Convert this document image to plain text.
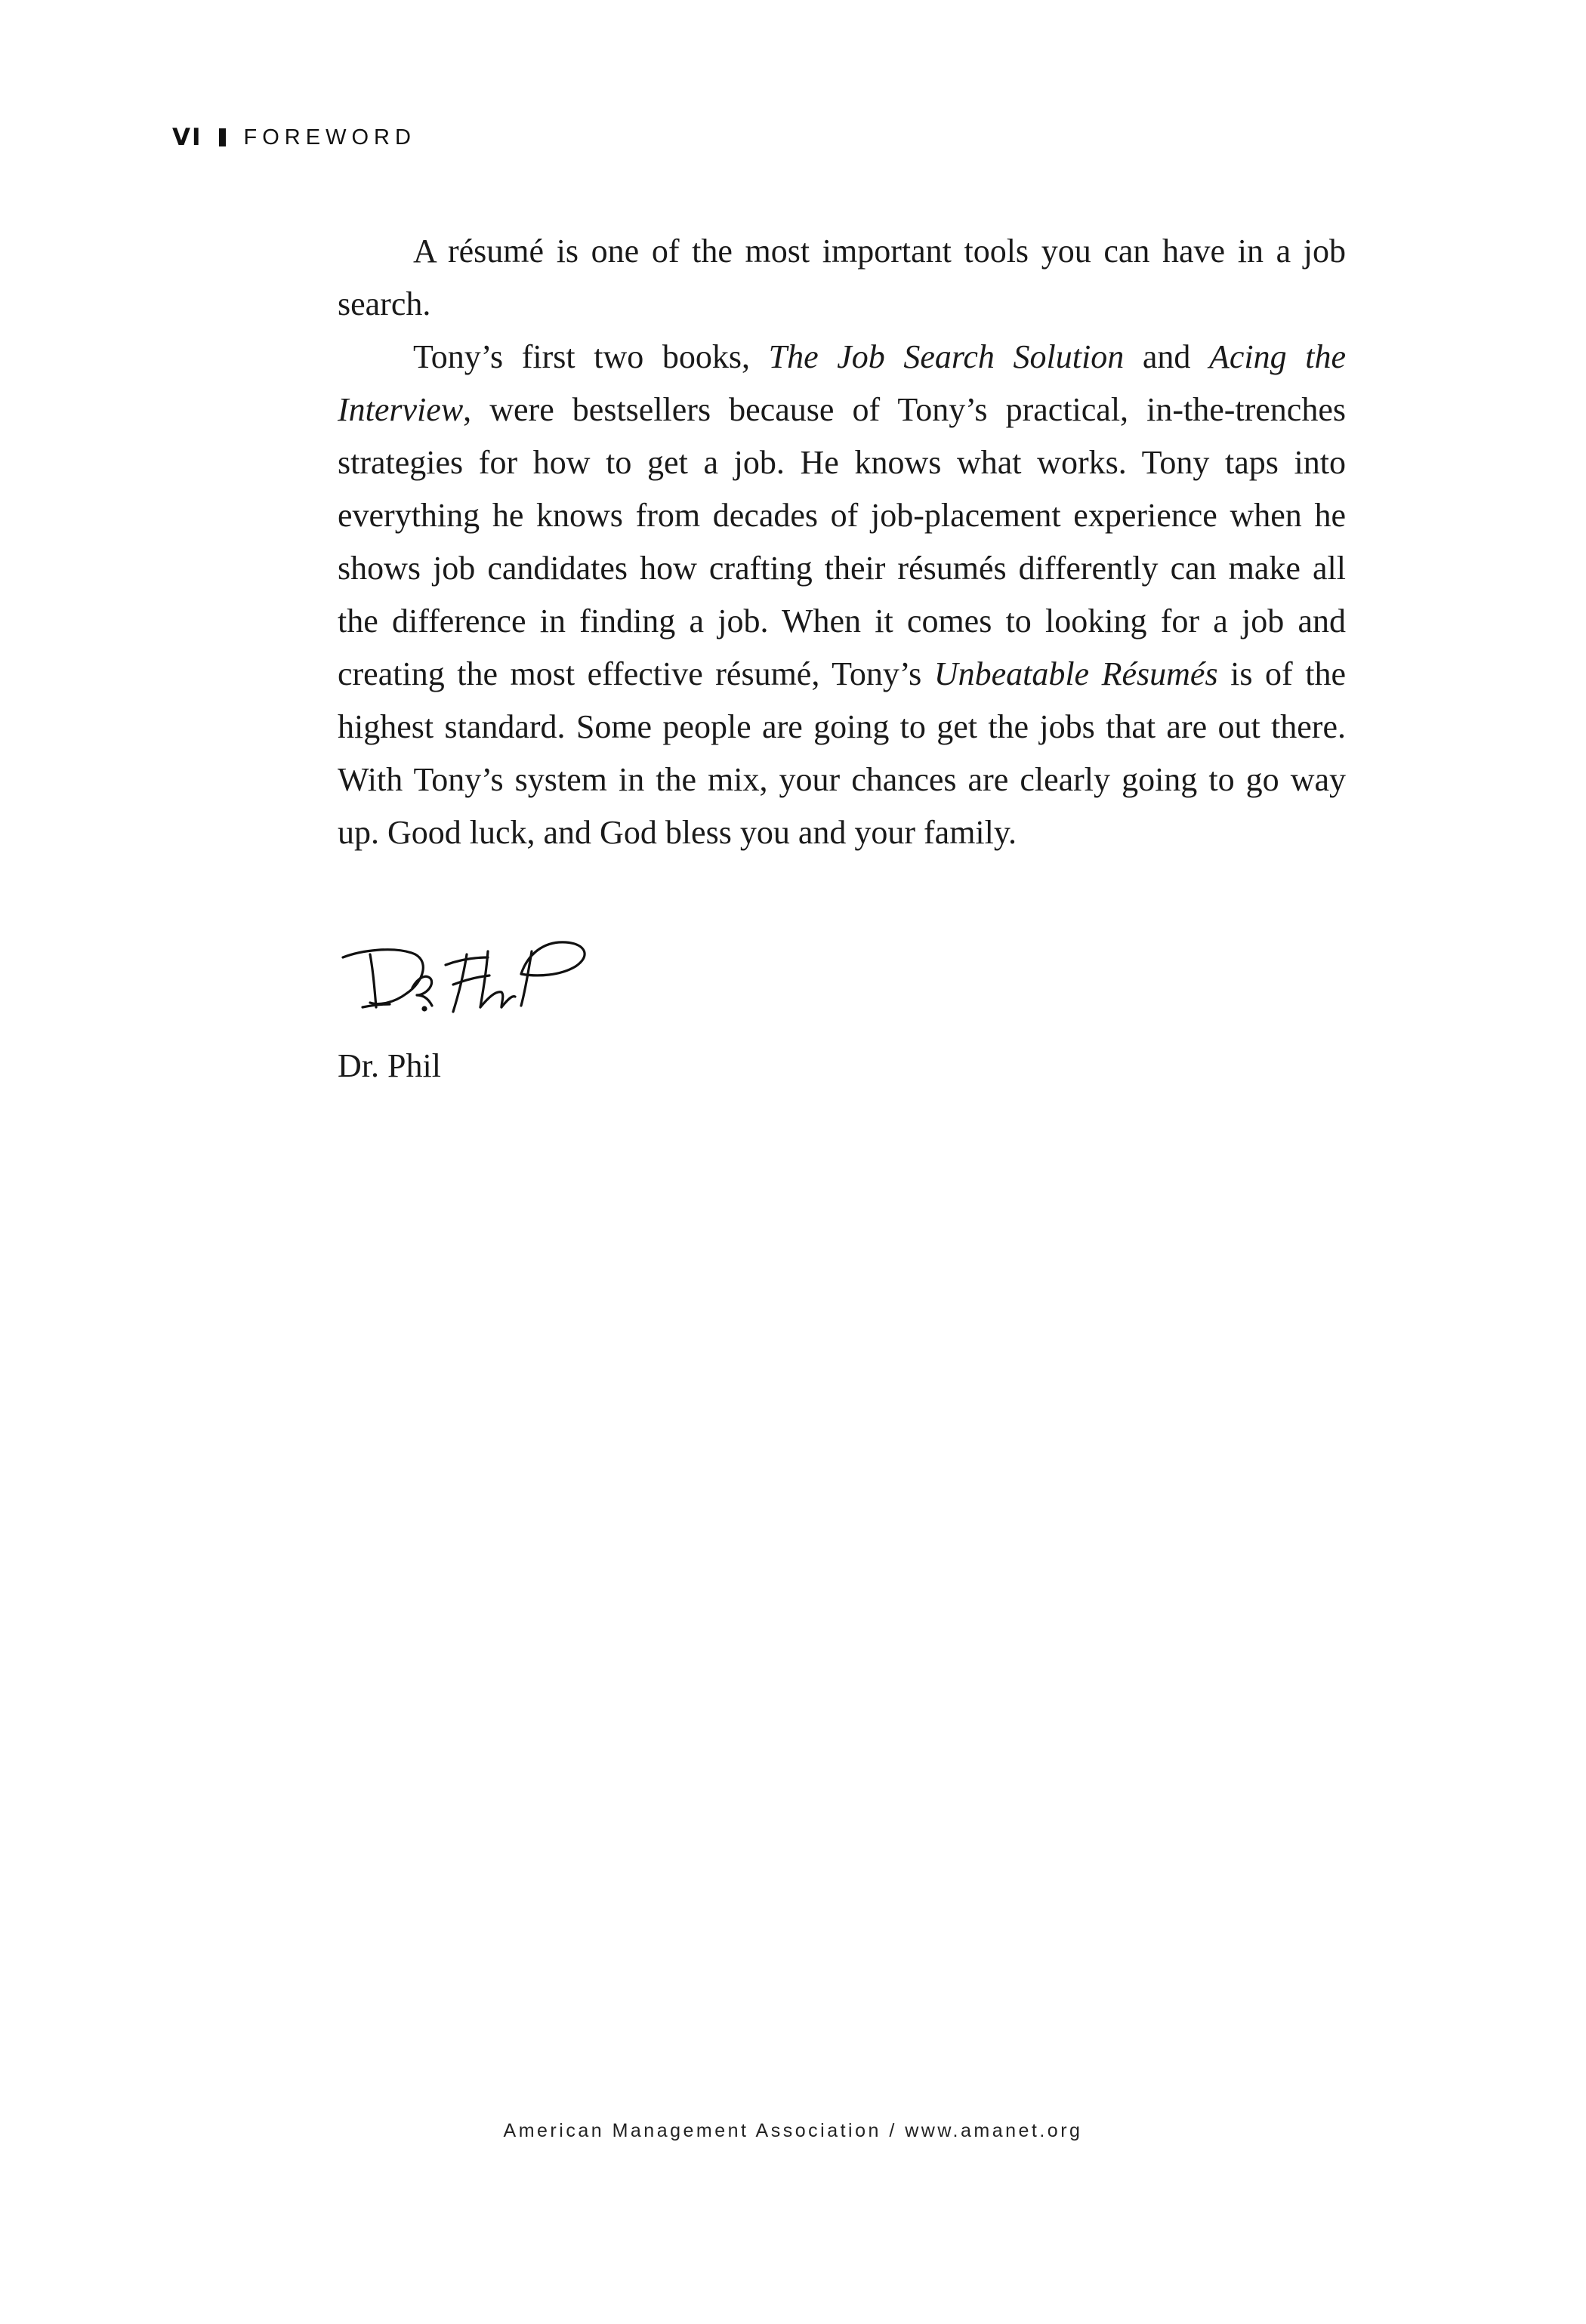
VI FOREWORD

A résumé is one of the most important tools you can have in a job search.

Tony’s first two books, The Job Search Solution and Acing the Interview, were bestsellers because of Tony’s practical, in-the-trenches strategies for how to get a job. He knows what works. Tony taps into everything he knows from decades of job-placement experience when he shows job candidates how crafting their résumés differently can make all the difference in finding a job. When it comes to looking for a job and creating the most effective résumé, Tony’s Unbeatable Résumés is of the highest standard. Some people are going to get the jobs that are out there. With Tony’s system in the mix, your chances are clearly going to go way up. Good luck, and God bless you and your family.

Dr. Phil
American Management Association / www.amanet.org
